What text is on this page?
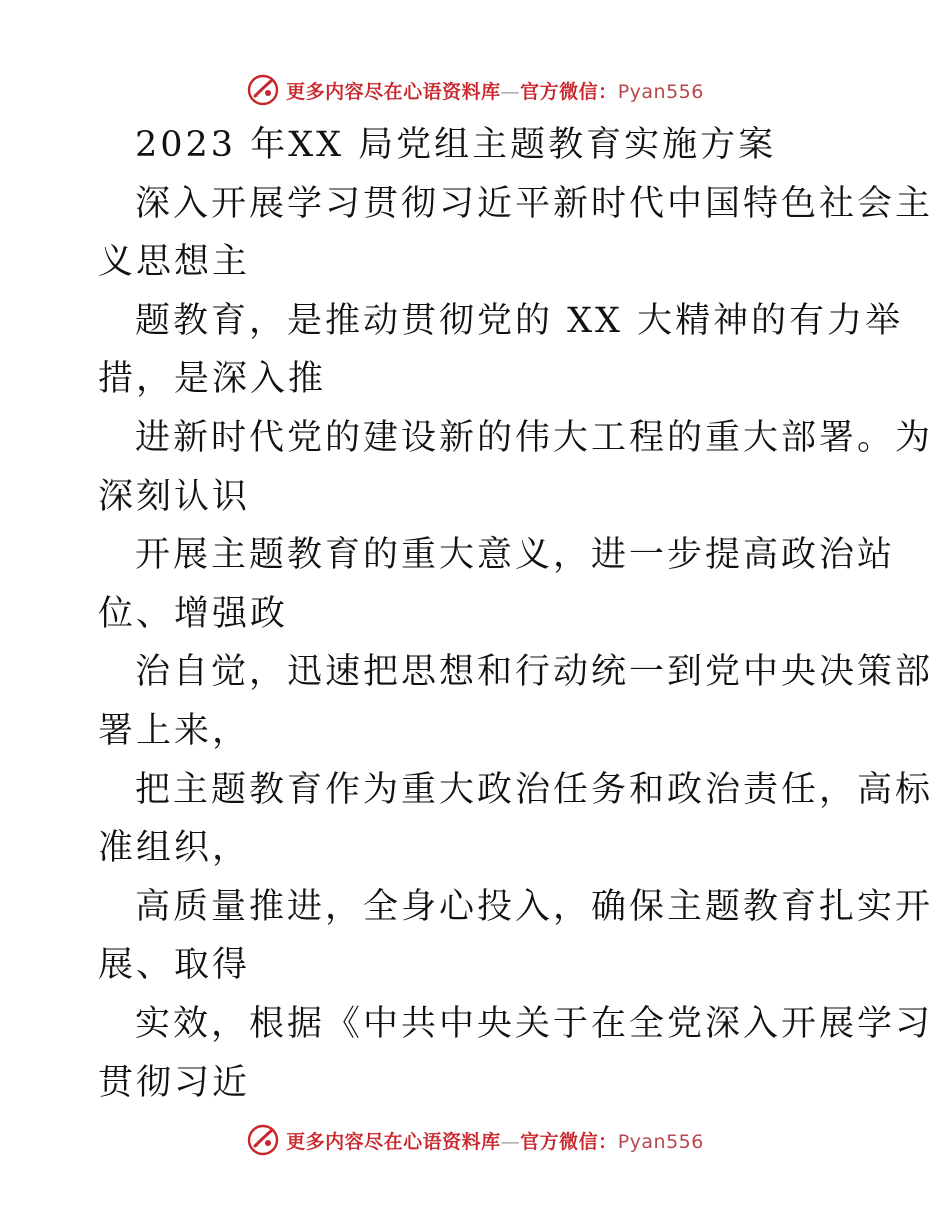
更多内容尽在心语资料库—官方微信：Pyan556
2023 年XX 局党组主题教育实施方案
深入开展学习贯彻习近平新时代中国特色社会主
义思想主
题教育，是推动贯彻党的 XX 大精神的有力举
措，是深入推
进新时代党的建设新的伟大工程的重大部署。为
深刻认识
开展主题教育的重大意义，进一步提高政治站
位、增强政
治自觉，迅速把思想和行动统一到党中央决策部
署上来，
把主题教育作为重大政治任务和政治责任，高标
准组织，
高质量推进，全身心投入，确保主题教育扎实开
展、取得
实效，根据《中共中央关于在全党深入开展学习
贯彻习近
更多内容尽在心语资料库—官方微信：Pyan556
